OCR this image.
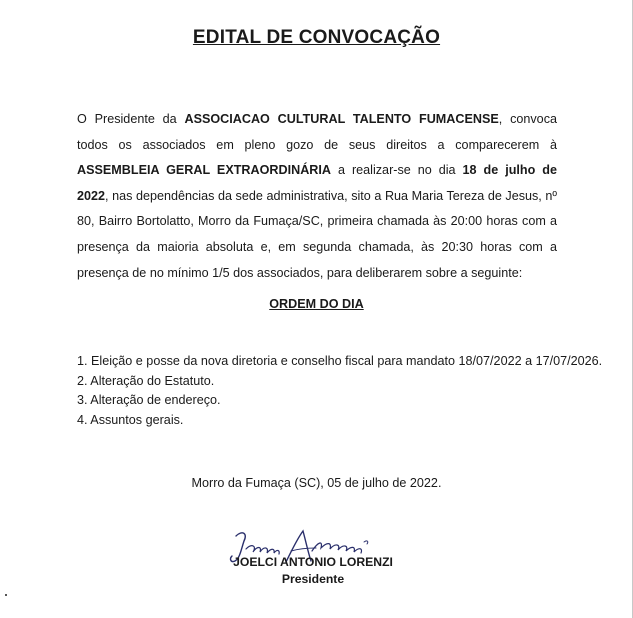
EDITAL DE CONVOCAÇÃO

O Presidente da ASSOCIACAO CULTURAL TALENTO FUMACENSE, convoca todos os associados em pleno gozo de seus direitos a comparecerem à ASSEMBLEIA GERAL EXTRAORDINÁRIA a realizar-se no dia 18 de julho de 2022, nas dependências da sede administrativa, sito a Rua Maria Tereza de Jesus, nº 80, Bairro Bortolatto, Morro da Fumaça/SC, primeira chamada às 20:00 horas com a presença da maioria absoluta e, em segunda chamada, às 20:30 horas com a presença de no mínimo 1/5 dos associados, para deliberarem sobre a seguinte:

ORDEM DO DIA
1. Eleição e posse da nova diretoria e conselho fiscal para mandato 18/07/2022 a 17/07/2026.
2. Alteração do Estatuto.
3. Alteração de endereço.
4. Assuntos gerais.
Morro da Fumaça (SC), 05 de julho de 2022.
JOELCI ANTONIO LORENZI
Presidente
